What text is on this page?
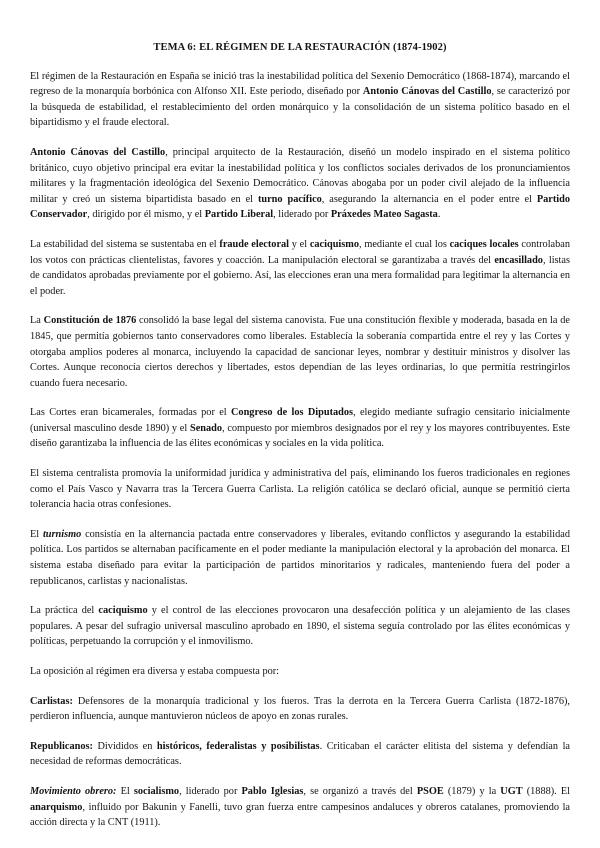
TEMA 6: EL RÉGIMEN DE LA RESTAURACIÓN (1874-1902)

El régimen de la Restauración en España se inició tras la inestabilidad política del Sexenio Democrático (1868-1874), marcando el regreso de la monarquía borbónica con Alfonso XII. Este periodo, diseñado por Antonio Cánovas del Castillo, se caracterizó por la búsqueda de estabilidad, el restablecimiento del orden monárquico y la consolidación de un sistema político basado en el bipartidismo y el fraude electoral.

Antonio Cánovas del Castillo, principal arquitecto de la Restauración, diseñó un modelo inspirado en el sistema político británico, cuyo objetivo principal era evitar la inestabilidad política y los conflictos sociales derivados de los pronunciamientos militares y la fragmentación ideológica del Sexenio Democrático. Cánovas abogaba por un poder civil alejado de la influencia militar y creó un sistema bipartidista basado en el turno pacífico, asegurando la alternancia en el poder entre el Partido Conservador, dirigido por él mismo, y el Partido Liberal, liderado por Práxedes Mateo Sagasta.

La estabilidad del sistema se sustentaba en el fraude electoral y el caciquismo, mediante el cual los caciques locales controlaban los votos con prácticas clientelistas, favores y coacción. La manipulación electoral se garantizaba a través del encasillado, listas de candidatos aprobadas previamente por el gobierno. Así, las elecciones eran una mera formalidad para legitimar la alternancia en el poder.

La Constitución de 1876 consolidó la base legal del sistema canovista. Fue una constitución flexible y moderada, basada en la de 1845, que permitía gobiernos tanto conservadores como liberales. Establecía la soberanía compartida entre el rey y las Cortes y otorgaba amplios poderes al monarca, incluyendo la capacidad de sancionar leyes, nombrar y destituir ministros y disolver las Cortes. Aunque reconocía ciertos derechos y libertades, estos dependían de las leyes ordinarias, lo que permitía restringirlos cuando fuera necesario.

Las Cortes eran bicamerales, formadas por el Congreso de los Diputados, elegido mediante sufragio censitario inicialmente (universal masculino desde 1890) y el Senado, compuesto por miembros designados por el rey y los mayores contribuyentes. Este diseño garantizaba la influencia de las élites económicas y sociales en la vida política.

El sistema centralista promovía la uniformidad jurídica y administrativa del país, eliminando los fueros tradicionales en regiones como el País Vasco y Navarra tras la Tercera Guerra Carlista. La religión católica se declaró oficial, aunque se permitió cierta tolerancia hacia otras confesiones.

El turnismo consistía en la alternancia pactada entre conservadores y liberales, evitando conflictos y asegurando la estabilidad política. Los partidos se alternaban pacíficamente en el poder mediante la manipulación electoral y la aprobación del monarca. El sistema estaba diseñado para evitar la participación de partidos minoritarios y radicales, manteniendo fuera del poder a republicanos, carlistas y nacionalistas.

La práctica del caciquismo y el control de las elecciones provocaron una desafección política y un alejamiento de las clases populares. A pesar del sufragio universal masculino aprobado en 1890, el sistema seguía controlado por las élites económicas y políticas, perpetuando la corrupción y el inmovilismo.

La oposición al régimen era diversa y estaba compuesta por:

Carlistas: Defensores de la monarquía tradicional y los fueros. Tras la derrota en la Tercera Guerra Carlista (1872-1876), perdieron influencia, aunque mantuvieron núcleos de apoyo en zonas rurales.

Republicanos: Divididos en históricos, federalistas y posibilistas. Criticaban el carácter elitista del sistema y defendían la necesidad de reformas democráticas.

Movimiento obrero: El socialismo, liderado por Pablo Iglesias, se organizó a través del PSOE (1879) y la UGT (1888). El anarquismo, influido por Bakunin y Fanelli, tuvo gran fuerza entre campesinos andaluces y obreros catalanes, promoviendo la acción directa y la CNT (1911).
